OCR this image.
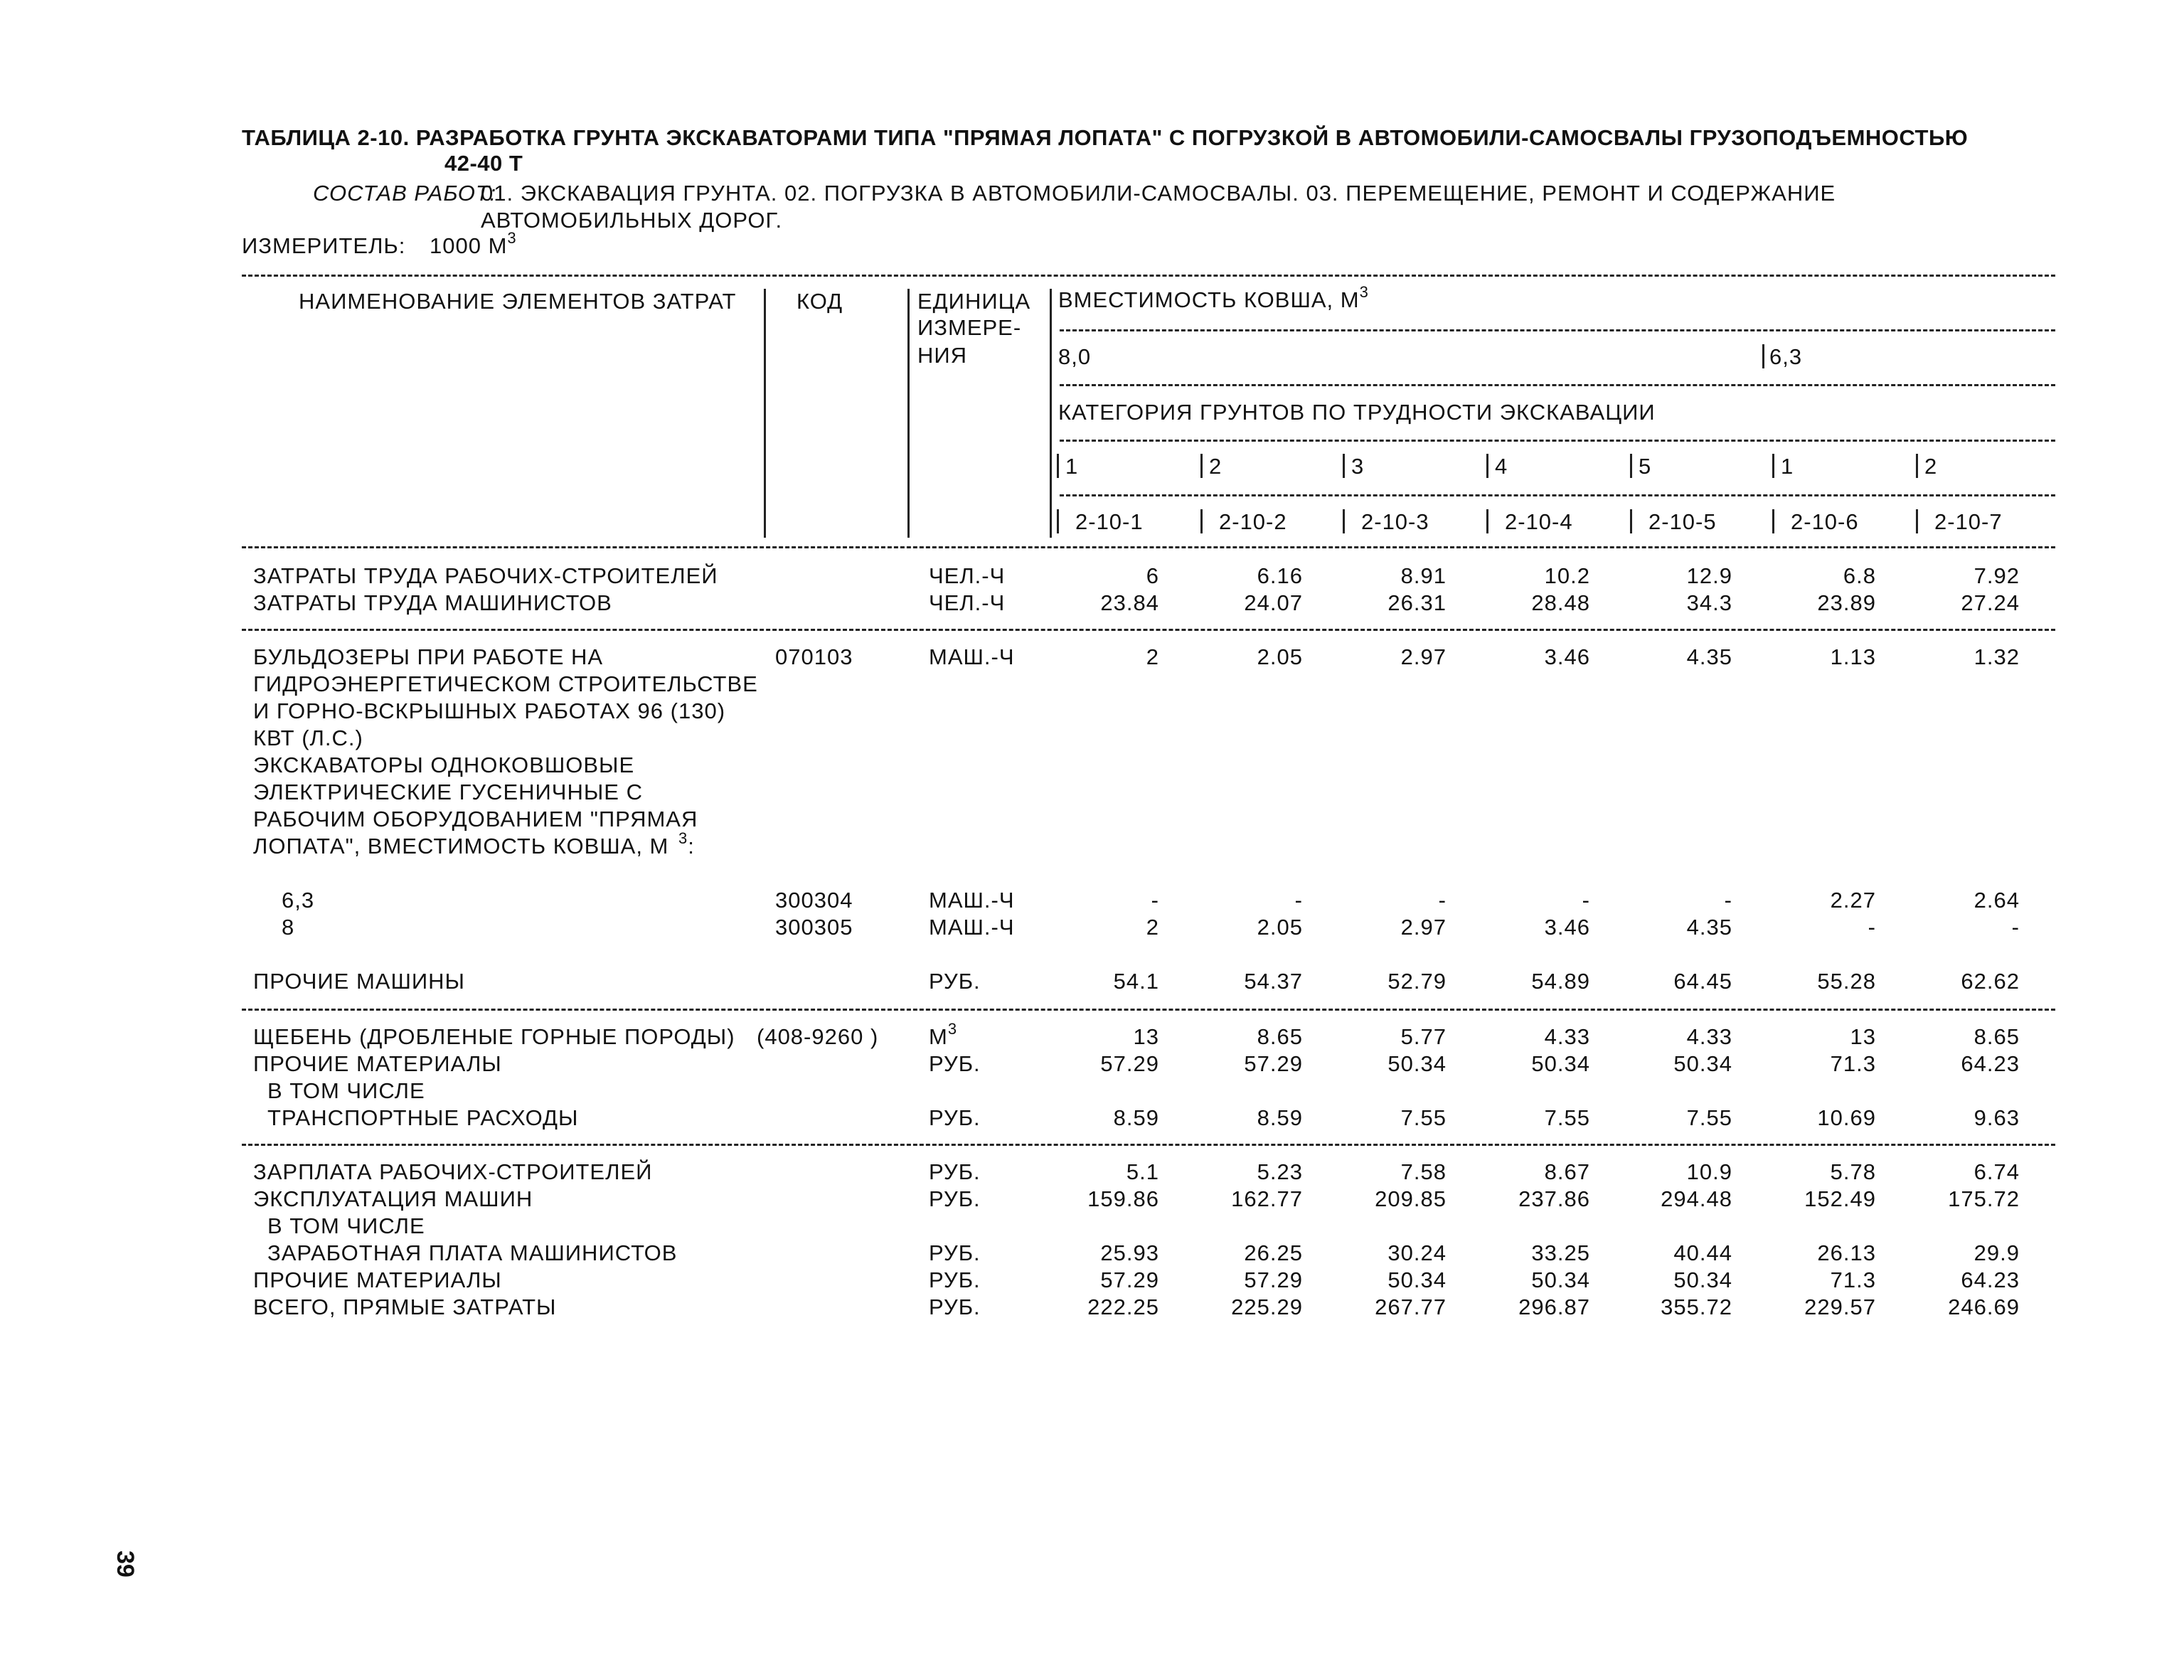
ТАБЛИЦА 2-10. РАЗРАБОТКА ГРУНТА ЭКСКАВАТОРАМИ ТИПА "ПРЯМАЯ ЛОПАТА" С ПОГРУЗКОЙ В АВТОМОБИЛИ-САМОСВАЛЫ ГРУЗОПОДЪЕМНОСТЬЮ
42-40 Т
СОСТАВ РАБОТ:
01. ЭКСКАВАЦИЯ ГРУНТА. 02. ПОГРУЗКА В АВТОМОБИЛИ-САМОСВАЛЫ. 03. ПЕРЕМЕЩЕНИЕ, РЕМОНТ И СОДЕРЖАНИЕ
АВТОМОБИЛЬНЫХ ДОРОГ.
ИЗМЕРИТЕЛЬ: 1000 $М^3$
НАИМЕНОВАНИЕ ЭЛЕМЕНТОВ ЗАТРАТ	КОД	ЕДИНИЦА
ИЗМЕРЕ-
НИЯ
ВМЕСТИМОСТЬ КОВША, $М^3$
8,0	6,3
КАТЕГОРИЯ ГРУНТОВ ПО ТРУДНОСТИ ЭКСКАВАЦИИ
1	2	3	4	5	1	2
2-10-1	2-10-2	2-10-3	2-10-4	2-10-5	2-10-6	2-10-7
ЗАТРАТЫ ТРУДА РАБОЧИХ-СТРОИТЕЛЕЙ	ЧЕЛ.-Ч	6	6.16	8.91	10.2	12.9	6.8	7.92
ЗАТРАТЫ ТРУДА МАШИНИСТОВ	ЧЕЛ.-Ч	23.84	24.07	26.31	28.48	34.3	23.89	27.24
БУЛЬДОЗЕРЫ ПРИ РАБОТЕ НА
ГИДРОЭНЕРГЕТИЧЕСКОМ СТРОИТЕЛЬСТВЕ
И ГОРНО-ВСКРЫШНЫХ РАБОТАХ 96 (130)
КВТ (Л.С.)
070103	МАШ.-Ч	2	2.05	2.97	3.46	4.35	1.13	1.32
ЭКСКАВАТОРЫ ОДНОКОВШОВЫЕ
ЭЛЕКТРИЧЕСКИЕ ГУСЕНИЧНЫЕ С
РАБОЧИМ ОБОРУДОВАНИЕМ "ПРЯМАЯ
ЛОПАТА", ВМЕСТИМОСТЬ КОВША, М $^3$:
6,3	300304	МАШ.-Ч	-	-	-	-	-	2.27	2.64
8	300305	МАШ.-Ч	2	2.05	2.97	3.46	4.35	-	-
ПРОЧИЕ МАШИНЫ	РУБ.	54.1	54.37	52.79	54.89	64.45	55.28	62.62
ЩЕБЕНЬ (ДРОБЛЕНЫЕ ГОРНЫЕ ПОРОДЫ) (408-9260 ) $М^3$	13	8.65	5.77	4.33	4.33	13	8.65
ПРОЧИЕ МАТЕРИАЛЫ	РУБ.	57.29	57.29	50.34	50.34	50.34	71.3	64.23
В ТОМ ЧИСЛЕ
ТРАНСПОРТНЫЕ РАСХОДЫ	РУБ.	8.59	8.59	7.55	7.55	7.55	10.69	9.63
ЗАРПЛАТА РАБОЧИХ-СТРОИТЕЛЕЙ	РУБ.	5.1	5.23	7.58	8.67	10.9	5.78	6.74
ЭКСПЛУАТАЦИЯ МАШИН	РУБ.	159.86	162.77	209.85	237.86	294.48	152.49	175.72
В ТОМ ЧИСЛЕ
ЗАРАБОТНАЯ ПЛАТА МАШИНИСТОВ	РУБ.	25.93	26.25	30.24	33.25	40.44	26.13	29.9
ПРОЧИЕ МАТЕРИАЛЫ	РУБ.	57.29	57.29	50.34	50.34	50.34	71.3	64.23
ВСЕГО, ПРЯМЫЕ ЗАТРАТЫ	РУБ.	222.25	225.29	267.77	296.87	355.72	229.57	246.69
39
